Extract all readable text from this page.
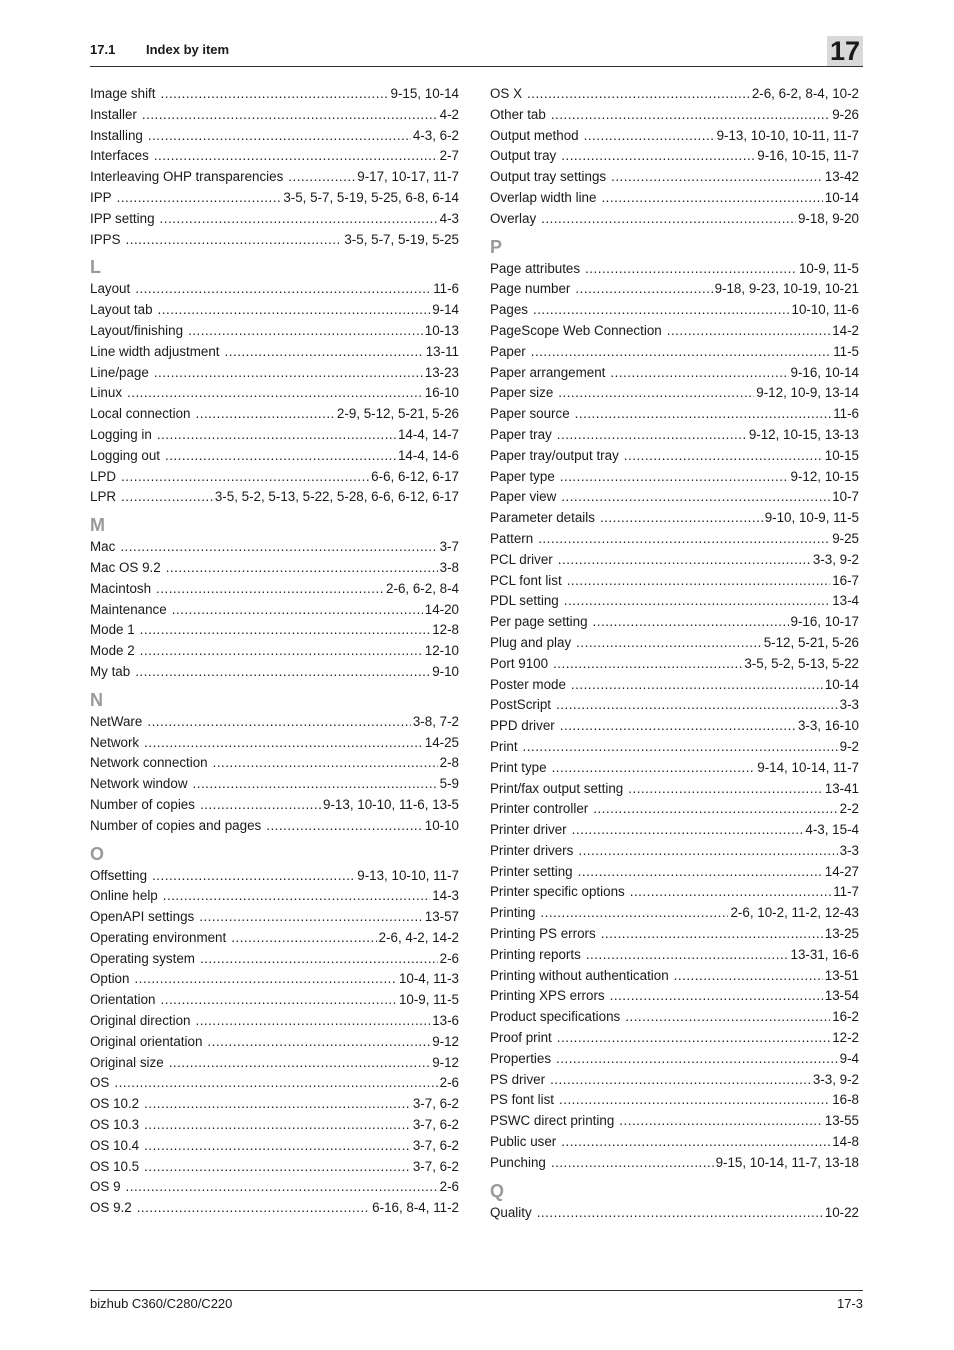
17.1 Index by item	17
Image shift .....	9-15, 10-14
Installer .....	4-2
Installing .....	4-3, 6-2
Interfaces .....	2-7
Interleaving OHP transparencies .....	9-17, 10-17, 11-7
IPP .....	3-5, 5-7, 5-19, 5-25, 6-8, 6-14
IPP setting .....	4-3
IPPS .....	3-5, 5-7, 5-19, 5-25
L
Layout .....	11-6
Layout tab .....	9-14
Layout/finishing .....	10-13
Line width adjustment .....	13-11
Line/page .....	13-23
Linux .....	16-10
Local connection .....	2-9, 5-12, 5-21, 5-26
Logging in .....	14-4, 14-7
Logging out .....	14-4, 14-6
LPD .....	6-6, 6-12, 6-17
LPR .....	3-5, 5-2, 5-13, 5-22, 5-28, 6-6, 6-12, 6-17
M
Mac .....	3-7
Mac OS 9.2 .....	3-8
Macintosh .....	2-6, 6-2, 8-4
Maintenance .....	14-20
Mode 1 .....	12-8
Mode 2 .....	12-10
My tab .....	9-10
N
NetWare .....	3-8, 7-2
Network .....	14-25
Network connection .....	2-8
Network window .....	5-9
Number of copies .....	9-13, 10-10, 11-6, 13-5
Number of copies and pages .....	10-10
O
Offsetting .....	9-13, 10-10, 11-7
Online help .....	14-3
OpenAPI settings .....	13-57
Operating environment .....	2-6, 4-2, 14-2
Operating system .....	2-6
Option .....	10-4, 11-3
Orientation .....	10-9, 11-5
Original direction .....	13-6
Original orientation .....	9-12
Original size .....	9-12
OS .....	2-6
OS 10.2 .....	3-7, 6-2
OS 10.3 .....	3-7, 6-2
OS 10.4 .....	3-7, 6-2
OS 10.5 .....	3-7, 6-2
OS 9 .....	2-6
OS 9.2 .....	6-16, 8-4, 11-2
OS X .....	2-6, 6-2, 8-4, 10-2
Other tab .....	9-26
Output method .....	9-13, 10-10, 10-11, 11-7
Output tray .....	9-16, 10-15, 11-7
Output tray settings .....	13-42
Overlap width line .....	10-14
Overlay .....	9-18, 9-20
P
Page attributes .....	10-9, 11-5
Page number .....	9-18, 9-23, 10-19, 10-21
Pages .....	10-10, 11-6
PageScope Web Connection .....	14-2
Paper .....	11-5
Paper arrangement .....	9-16, 10-14
Paper size .....	9-12, 10-9, 13-14
Paper source .....	11-6
Paper tray .....	9-12, 10-15, 13-13
Paper tray/output tray .....	10-15
Paper type .....	9-12, 10-15
Paper view .....	10-7
Parameter details .....	9-10, 10-9, 11-5
Pattern .....	9-25
PCL driver .....	3-3, 9-2
PCL font list .....	16-7
PDL setting .....	13-4
Per page setting .....	9-16, 10-17
Plug and play .....	5-12, 5-21, 5-26
Port 9100 .....	3-5, 5-2, 5-13, 5-22
Poster mode .....	10-14
PostScript .....	3-3
PPD driver .....	3-3, 16-10
Print .....	9-2
Print type .....	9-14, 10-14, 11-7
Print/fax output setting .....	13-41
Printer controller .....	2-2
Printer driver .....	4-3, 15-4
Printer drivers .....	3-3
Printer setting .....	14-27
Printer specific options .....	11-7
Printing .....	2-6, 10-2, 11-2, 12-43
Printing PS errors .....	13-25
Printing reports .....	13-31, 16-6
Printing without authentication .....	13-51
Printing XPS errors .....	13-54
Product specifications .....	16-2
Proof print .....	12-2
Properties .....	9-4
PS driver .....	3-3, 9-2
PS font list .....	16-8
PSWC direct printing .....	13-55
Public user .....	14-8
Punching .....	9-15, 10-14, 11-7, 13-18
Q
Quality .....	10-22
bizhub C360/C280/C220	17-3
